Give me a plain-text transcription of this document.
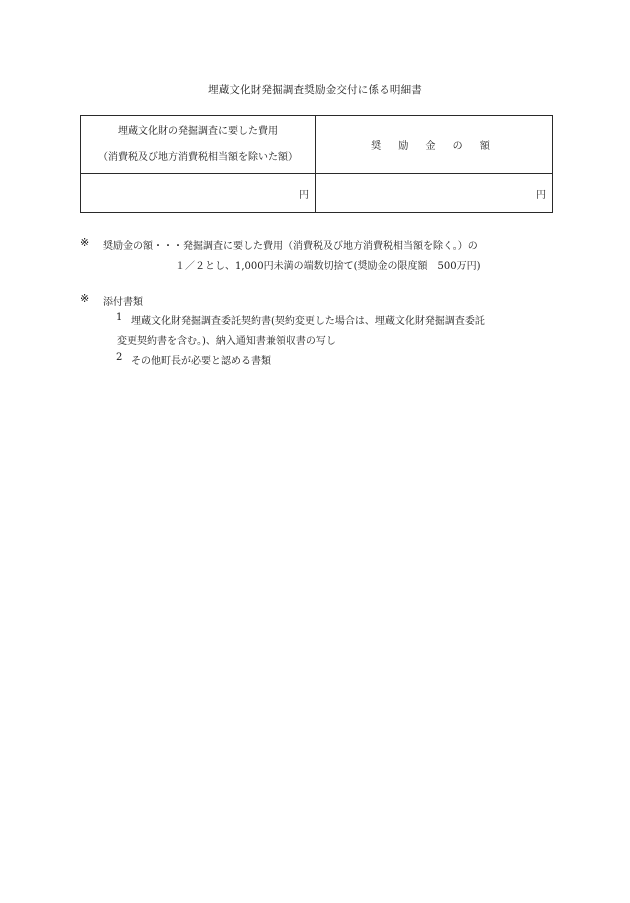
埋蔵文化財発掘調査奨励金交付に係る明細書
埋蔵文化財の発掘調査に要した費用
（消費税及び地方消費税相当額を除いた額）	奨 励 金 の 額
円	円
※ 奨励金の額・・・発掘調査に要した費用（消費税及び地方消費税相当額を除く。）の
１／２とし、1,000円未満の端数切捨て(奨励金の限度額　500万円)
※ 添付書類
1 埋蔵文化財発掘調査委託契約書(契約変更した場合は、埋蔵文化財発掘調査委託
変更契約書を含む。)、納入通知書兼領収書の写し
2 その他町長が必要と認める書類
